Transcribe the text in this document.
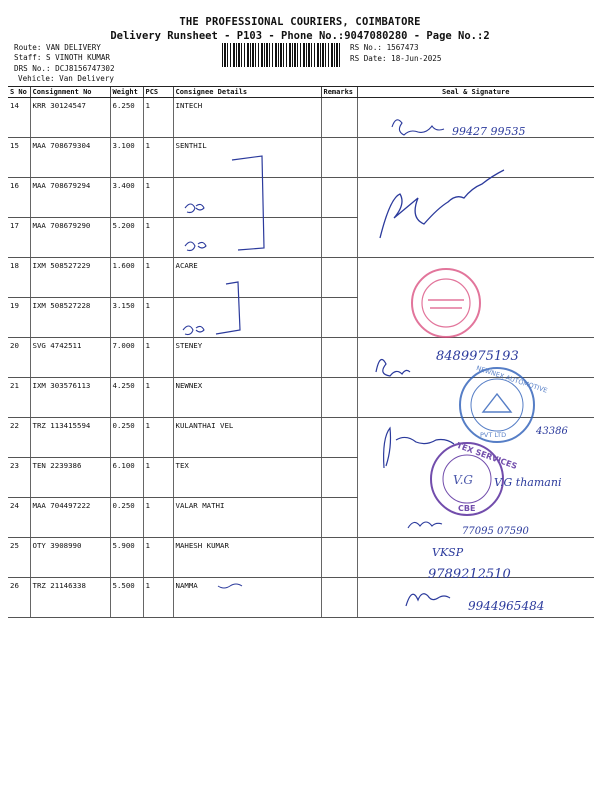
THE PROFESSIONAL COURIERS, COIMBATORE
Delivery Runsheet - P103 - Phone No.:9047080280 - Page No.:2
Route: VAN DELIVERY
Staff: S VINOTH KUMAR
DRS No.: DCJ8156747302
Vehicle: Van Delivery
RS No.: 1567473
RS Date: 18-Jun-2025
S No	Consignment No	Weight	PCS	Consignee Details	Remarks	Seal & Signature
14	KRR 30124547	6.250	1	INTECH		
15	MAA 708679304	3.100	1	SENTHIL		
16	MAA 708679294	3.400	1			
17	MAA 708679290	5.200	1			
18	IXM 508527229	1.600	1	ACARE		
19	IXM 508527228	3.150	1			
20	SVG 4742511	7.000	1	STENEY		
21	IXM 303576113	4.250	1	NEWNEX		
22	TRZ 113415594	0.250	1	KULANTHAI VEL		
23	TEN 2239386	6.100	1	TEX		
24	MAA 704497222	0.250	1	VALAR MATHI		
25	OTY 3908990	5.900	1	MAHESH KUMAR		
26	TRZ 21146338	5.500	1	NAMMA		
99427 99535
8489975193
NEWNEX AUTOMOTIVE
PVT LTD	43386
TEX SERVICES
CBE
V.G V.G thamani
77095 07590
VKSP
9789212510
9944965484
